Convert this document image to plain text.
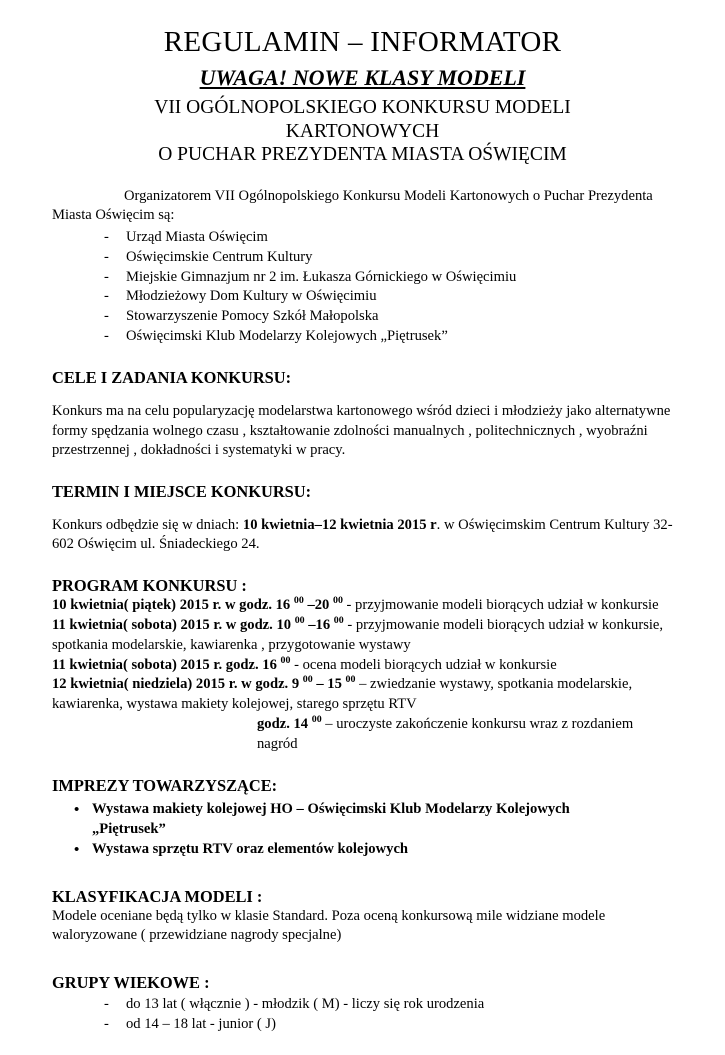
REGULAMIN – INFORMATOR
UWAGA! NOWE KLASY MODELI
VII OGÓLNOPOLSKIEGO KONKURSU MODELI
KARTONOWYCH
O PUCHAR PREZYDENTA MIASTA OŚWIĘCIM

Organizatorem VII Ogólnopolskiego Konkursu Modeli Kartonowych o Puchar Prezydenta Miasta Oświęcim są:

- Urząd Miasta Oświęcim
- Oświęcimskie Centrum Kultury
- Miejskie Gimnazjum nr 2 im. Łukasza Górnickiego w Oświęcimiu
- Młodzieżowy Dom Kultury w Oświęcimiu
- Stowarzyszenie Pomocy Szkół Małopolska
- Oświęcimski Klub Modelarzy Kolejowych „Piętrusek”
CELE I ZADANIA KONKURSU:

Konkurs ma na celu popularyzację modelarstwa kartonowego wśród dzieci i młodzieży jako alternatywne formy spędzania wolnego czasu , kształtowanie zdolności manualnych , politechnicznych , wyobraźni przestrzennej , dokładności i systematyki w pracy.

TERMIN I MIEJSCE KONKURSU:

Konkurs odbędzie się w dniach: 10 kwietnia–12 kwietnia 2015 r. w Oświęcimskim Centrum Kultury 32-602 Oświęcim ul. Śniadeckiego 24.

PROGRAM KONKURSU :

10 kwietnia( piątek) 2015 r. w godz. 16 $^{00}$ –20 $^{00}$ - przyjmowanie modeli biorących udział w konkursie

11 kwietnia( sobota) 2015 r. w godz. 10 $^{00}$ –16 $^{00}$ - przyjmowanie modeli biorących udział w konkursie, spotkania modelarskie, kawiarenka , przygotowanie wystawy

11 kwietnia( sobota) 2015 r. godz. 16 $^{00}$ - ocena modeli biorących udział w konkursie

12 kwietnia( niedziela) 2015 r. w godz. 9 $^{00}$ – 15 $^{00}$ – zwiedzanie wystawy, spotkania modelarskie, kawiarenka, wystawa makiety kolejowej, starego sprzętu RTV

godz. 14 $^{00}$ – uroczyste zakończenie konkursu wraz z rozdaniem nagród

IMPREZY TOWARZYSZĄCE:
• Wystawa makiety kolejowej HO – Oświęcimski Klub Modelarzy Kolejowych
„Piętrusek”
• Wystawa sprzętu RTV oraz elementów kolejowych
KLASYFIKACJA MODELI :

Modele oceniane będą tylko w klasie Standard. Poza oceną konkursową mile widziane modele waloryzowane ( przewidziane nagrody specjalne)

GRUPY WIEKOWE :
- do 13 lat ( włącznie ) - młodzik ( M) - liczy się rok urodzenia
- od 14 – 18 lat - junior ( J)
